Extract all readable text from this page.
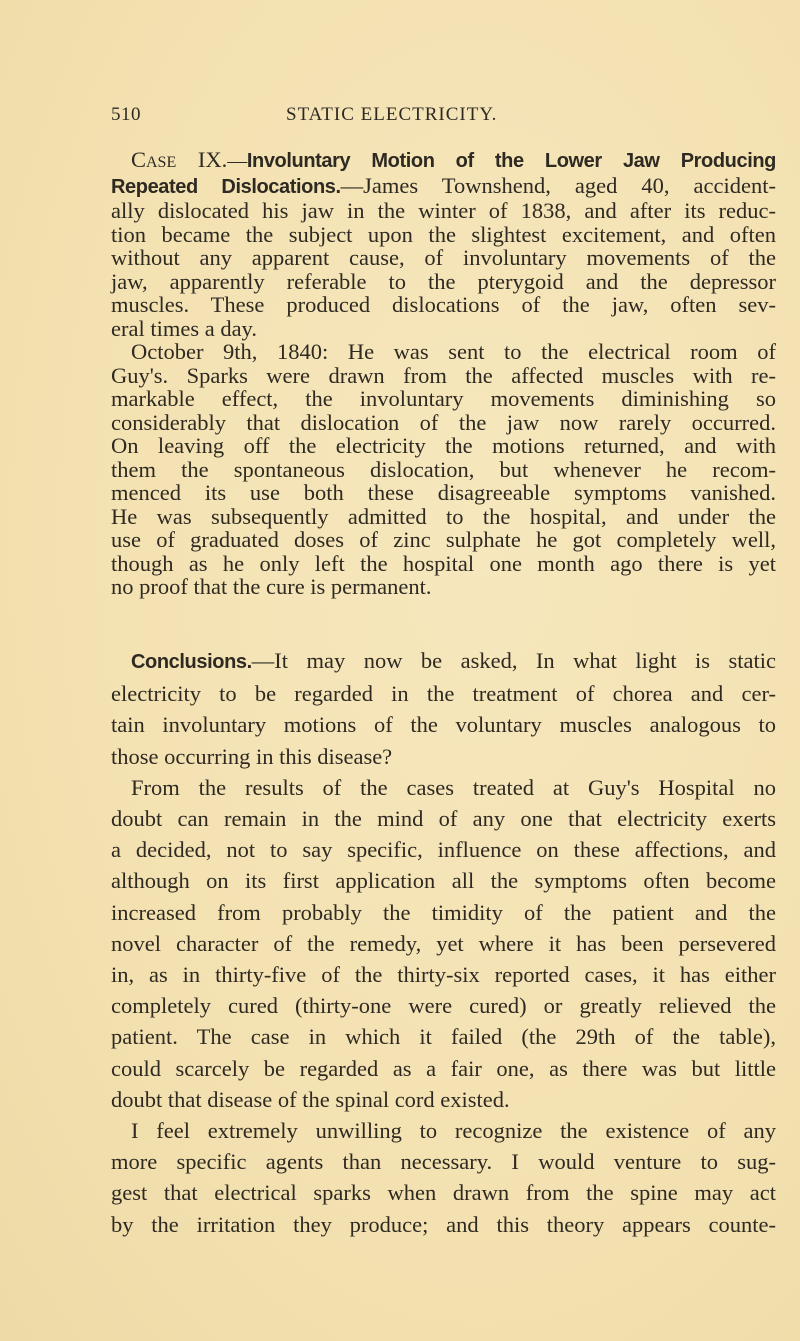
510	STATIC ELECTRICITY.
Case IX.—Involuntary Motion of the Lower Jaw Producing
Repeated Dislocations.—James Townshend, aged 40, accident-
ally dislocated his jaw in the winter of 1838, and after its reduc-
tion became the subject upon the slightest excitement, and often
without any apparent cause, of involuntary movements of the
jaw, apparently referable to the pterygoid and the depressor
muscles. These produced dislocations of the jaw, often sev-
eral times a day.
October 9th, 1840: He was sent to the electrical room of
Guy's. Sparks were drawn from the affected muscles with re-
markable effect, the involuntary movements diminishing so
considerably that dislocation of the jaw now rarely occurred.
On leaving off the electricity the motions returned, and with
them the spontaneous dislocation, but whenever he recom-
menced its use both these disagreeable symptoms vanished.
He was subsequently admitted to the hospital, and under the
use of graduated doses of zinc sulphate he got completely well,
though as he only left the hospital one month ago there is yet
no proof that the cure is permanent.
Conclusions.—It may now be asked, In what light is static
electricity to be regarded in the treatment of chorea and cer-
tain involuntary motions of the voluntary muscles analogous to
those occurring in this disease?
From the results of the cases treated at Guy's Hospital no
doubt can remain in the mind of any one that electricity exerts
a decided, not to say specific, influence on these affections, and
although on its first application all the symptoms often become
increased from probably the timidity of the patient and the
novel character of the remedy, yet where it has been persevered
in, as in thirty-five of the thirty-six reported cases, it has either
completely cured (thirty-one were cured) or greatly relieved the
patient. The case in which it failed (the 29th of the table),
could scarcely be regarded as a fair one, as there was but little
doubt that disease of the spinal cord existed.
I feel extremely unwilling to recognize the existence of any
more specific agents than necessary. I would venture to sug-
gest that electrical sparks when drawn from the spine may act
by the irritation they produce; and this theory appears counte-
